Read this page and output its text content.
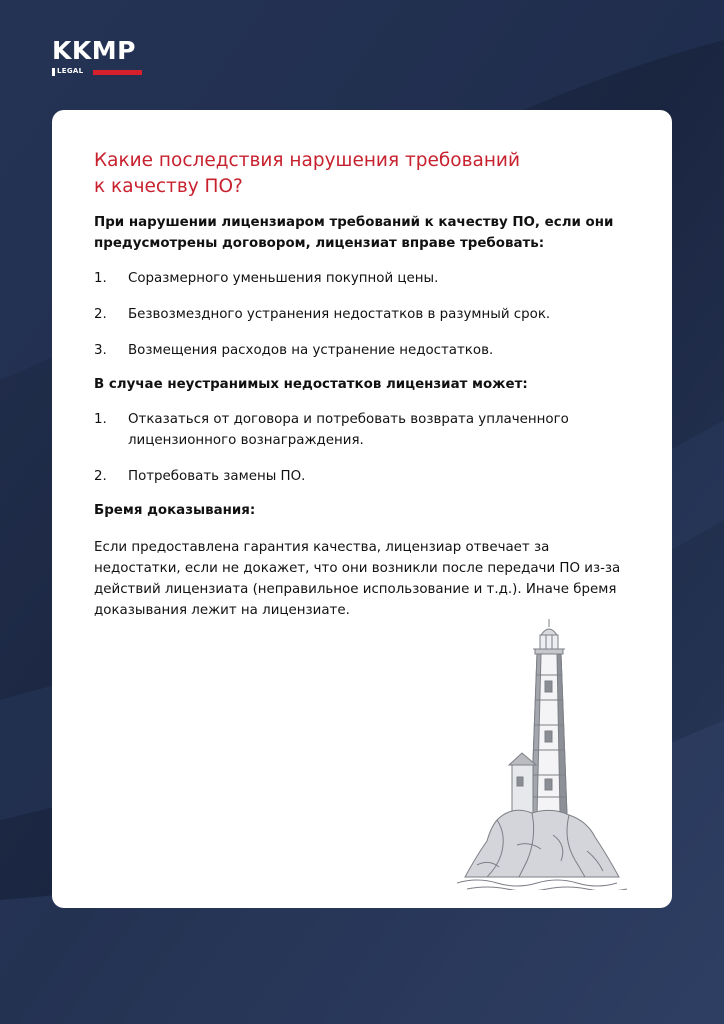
KKMP
LEGAL
Какие последствия нарушения требований к качеству ПО?

При нарушении лицензиаром требований к качеству ПО, если они предусмотрены договором, лицензиат вправе требовать:

1.	Соразмерного уменьшения покупной цены.
2.	Безвозмездного устранения недостатков в разумный срок.
3.	Возмещения расходов на устранение недостатков.

В случае неустранимых недостатков лицензиат может:

1.	Отказаться от договора и потребовать возврата уплаченного лицензионного вознаграждения.
2.	Потребовать замены ПО.

Бремя доказывания:

Если предоставлена гарантия качества, лицензиар отвечает за недостатки, если не докажет, что они возникли после передачи ПО из-за действий лицензиата (неправильное использование и т.д.). Иначе бремя доказывания лежит на лицензиате.
